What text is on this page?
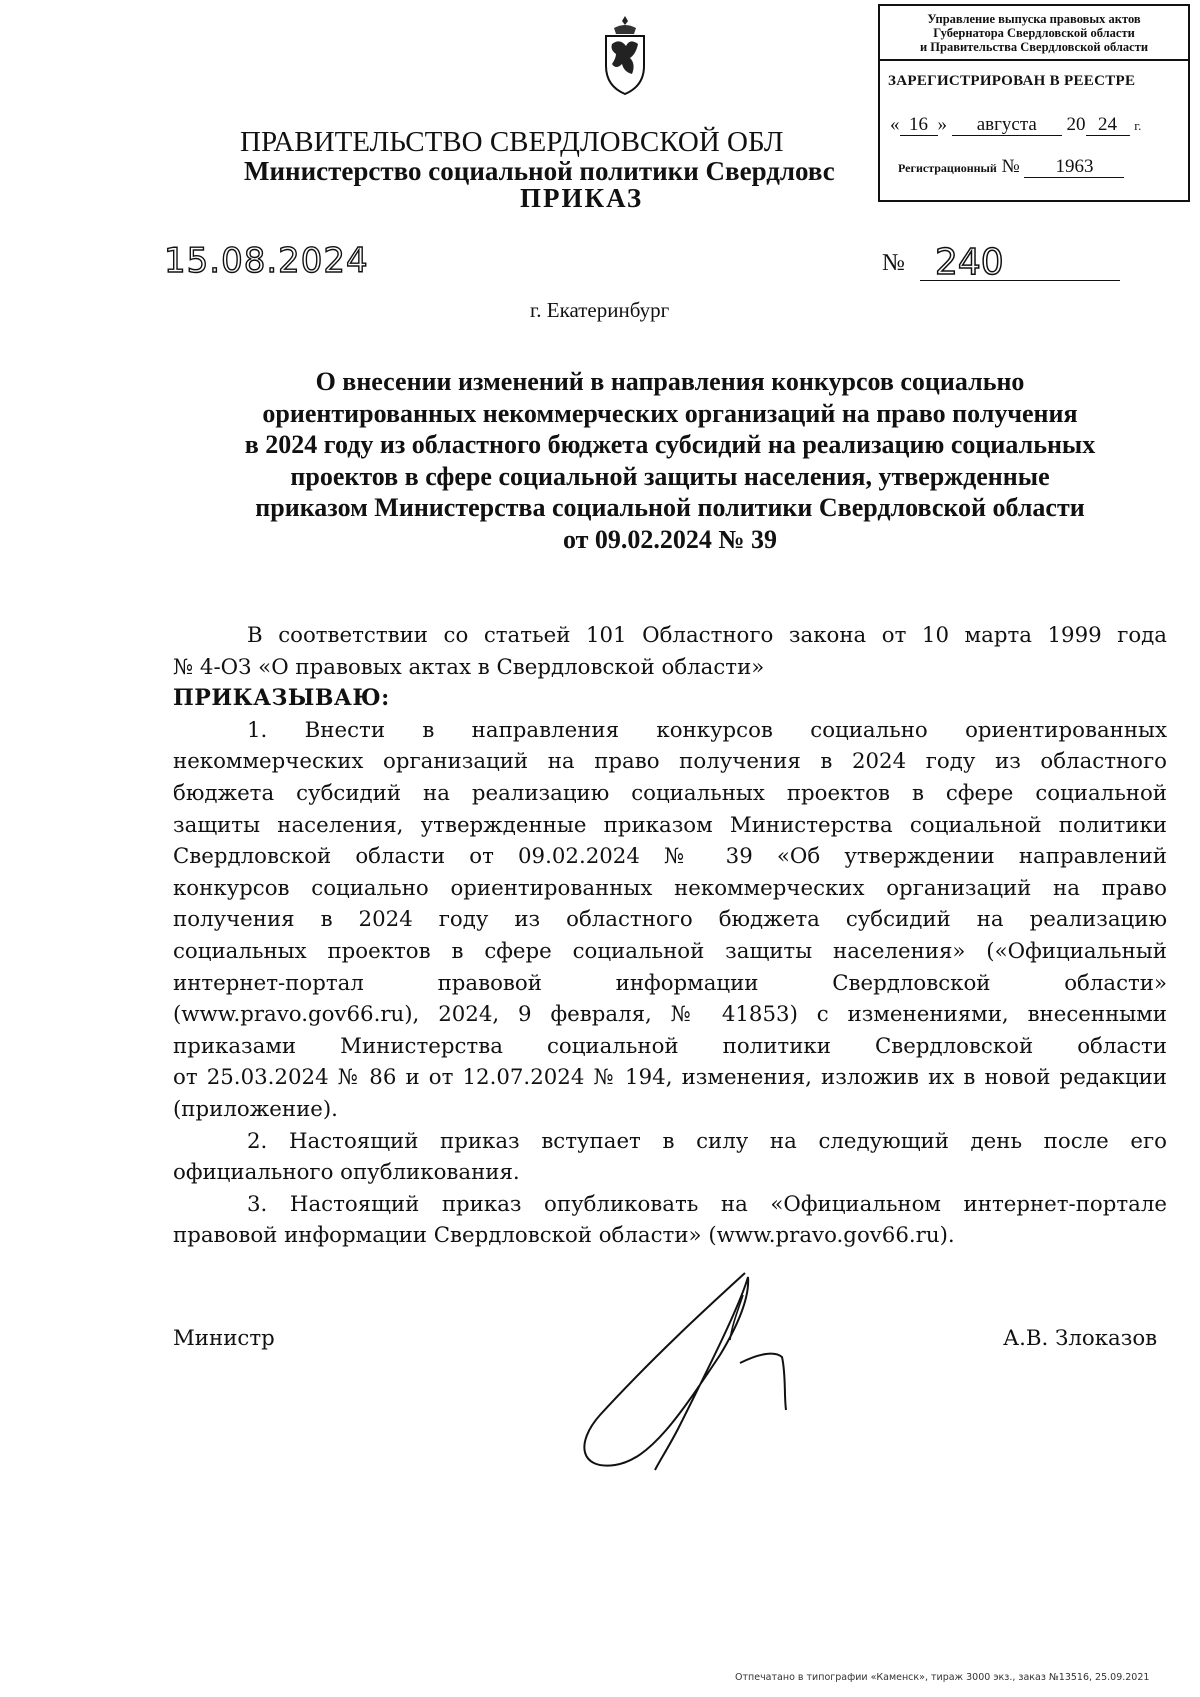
ПРАВИТЕЛЬСТВО СВЕРДЛОВСКОЙ ОБЛ
Министерство социальной политики Свердловс
ПРИКАЗ
Управление выпуска правовых актов
Губернатора Свердловской области
и Правительства Свердловской области
ЗАРЕГИСТРИРОВАН В РЕЕСТРЕ
« 16 » августа 20 24 г.
Регистрационный № 1963
15.08.2024	№ 240
г. Екатеринбург
О внесении изменений в направления конкурсов социально
ориентированных некоммерческих организаций на право получения
в 2024 году из областного бюджета субсидий на реализацию социальных
проектов в сфере социальной защиты населения, утвержденные
приказом Министерства социальной политики Свердловской области
от 09.02.2024 № 39
В соответствии со статьей 101 Областного закона от 10 марта 1999 года
№ 4-ОЗ «О правовых актах в Свердловской области»
ПРИКАЗЫВАЮ:
1. Внести в направления конкурсов социально ориентированных
некоммерческих организаций на право получения в 2024 году из областного
бюджета субсидий на реализацию социальных проектов в сфере социальной
защиты населения, утвержденные приказом Министерства социальной политики
Свердловской области от 09.02.2024 № 39 «Об утверждении направлений
конкурсов социально ориентированных некоммерческих организаций на право
получения в 2024 году из областного бюджета субсидий на реализацию
социальных проектов в сфере социальной защиты населения» («Официальный
интернет-портал правовой информации Свердловской области»
(www.pravo.gov66.ru), 2024, 9 февраля, № 41853) с изменениями, внесенными
приказами Министерства социальной политики Свердловской области
от 25.03.2024 № 86 и от 12.07.2024 № 194, изменения, изложив их в новой редакции
(приложение).
2. Настоящий приказ вступает в силу на следующий день после его
официального опубликования.
3. Настоящий приказ опубликовать на «Официальном интернет-портале
правовой информации Свердловской области» (www.pravo.gov66.ru).
Министр	А.В. Злоказов
Отпечатано в типографии «Каменск», тираж 3000 экз., заказ №13516, 25.09.2021
